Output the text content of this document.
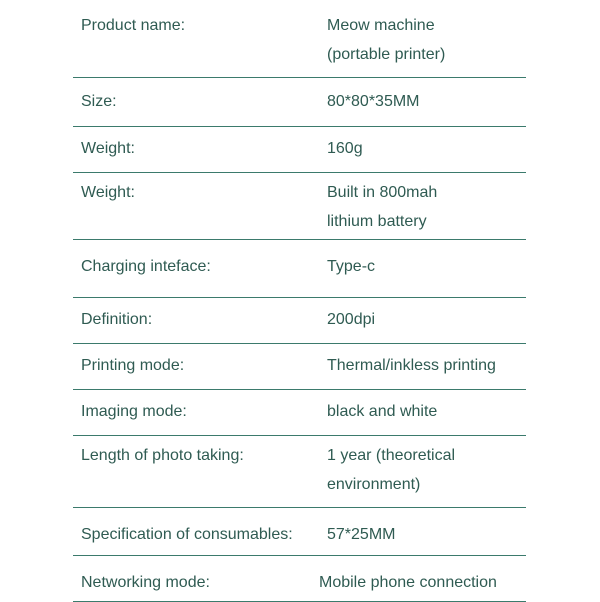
Product name:	Meow machine
(portable printer)
Size:	80*80*35MM
Weight:	160g
Weight:	Built in 800mah
lithium battery
Charging inteface:	Type-c
Definition:	200dpi
Printing mode:	Thermal/inkless printing
Imaging mode:	black and white
Length of photo taking:	1 year (theoretical
environment)
Specification of consumables: 57*25MM
Networking mode:	Mobile phone connection
